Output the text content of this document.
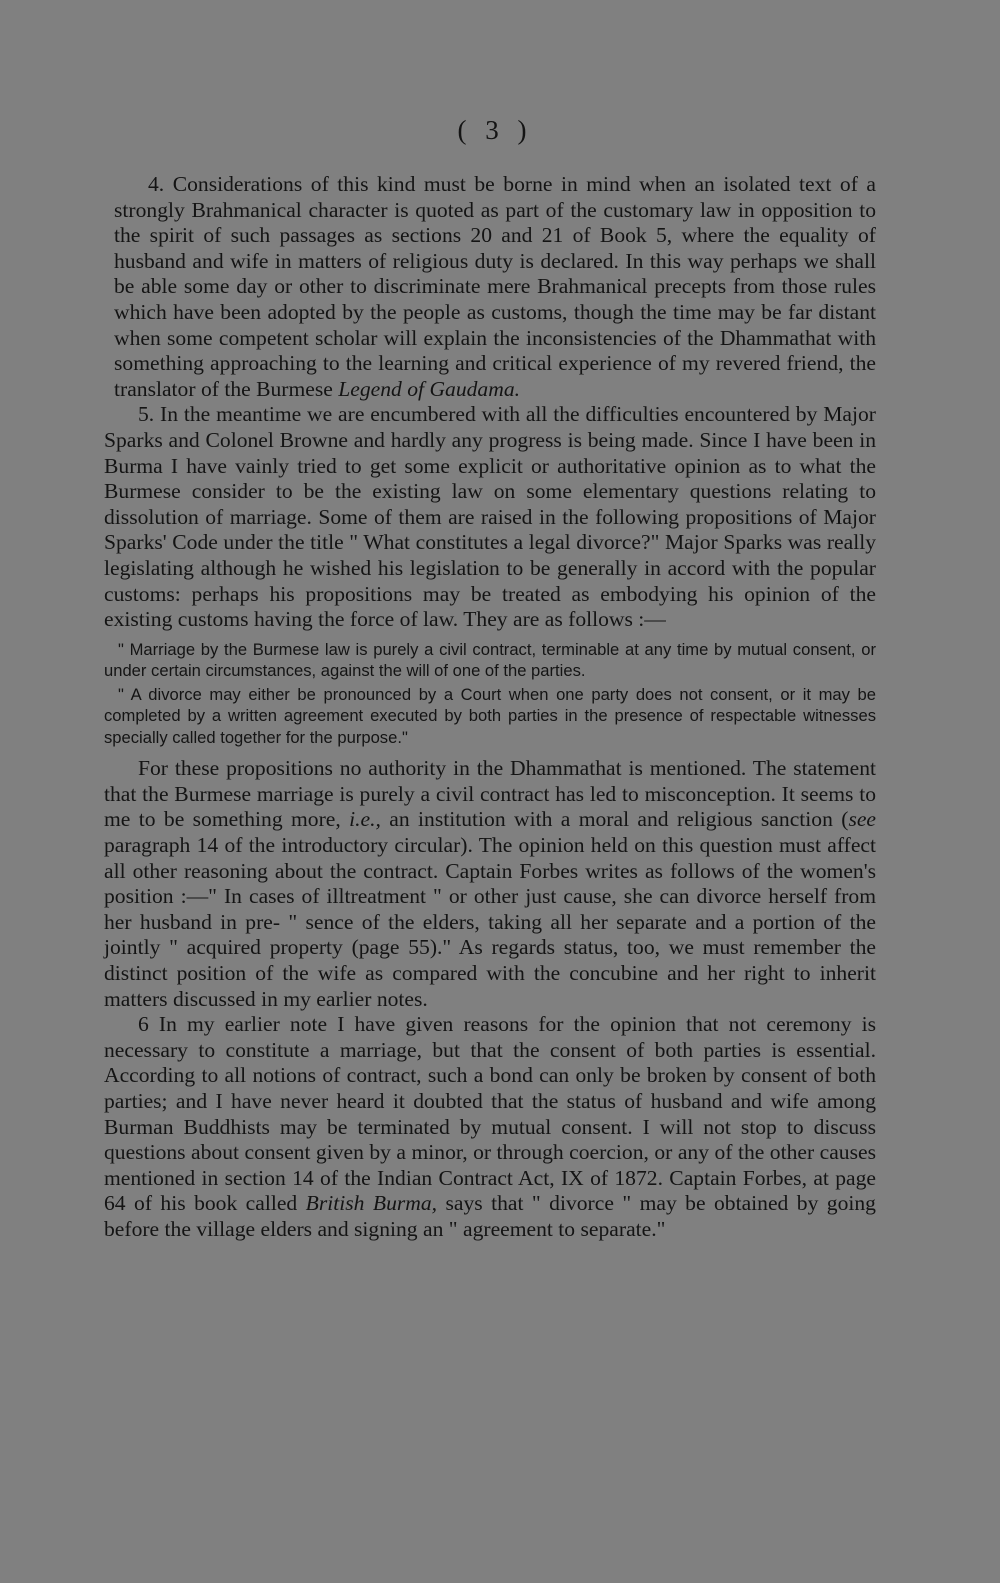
( 3 )

4. Considerations of this kind must be borne in mind when an isolated text of a strongly Brahmanical character is quoted as part of the customary law in opposition to the spirit of such passages as sections 20 and 21 of Book 5, where the equality of husband and wife in matters of religious duty is declared. In this way perhaps we shall be able some day or other to discriminate mere Brahmanical precepts from those rules which have been adopted by the people as customs, though the time may be far distant when some competent scholar will explain the inconsistencies of the Dhammathat with something approaching to the learning and critical experience of my revered friend, the translator of the Burmese Legend of Gaudama.

5. In the meantime we are encumbered with all the difficulties encountered by Major Sparks and Colonel Browne and hardly any progress is being made. Since I have been in Burma I have vainly tried to get some explicit or authoritative opinion as to what the Burmese consider to be the existing law on some elementary questions relating to dissolution of marriage. Some of them are raised in the following propositions of Major Sparks' Code under the title " What constitutes a legal divorce?" Major Sparks was really legislating although he wished his legislation to be generally in accord with the popular customs: perhaps his propositions may be treated as embodying his opinion of the existing customs having the force of law. They are as follows :—

" Marriage by the Burmese law is purely a civil contract, terminable at any time by mutual consent, or under certain circumstances, against the will of one of the parties.

" A divorce may either be pronounced by a Court when one party does not consent, or it may be completed by a written agreement executed by both parties in the presence of respectable witnesses specially called together for the purpose."

For these propositions no authority in the Dhammathat is mentioned. The statement that the Burmese marriage is purely a civil contract has led to misconception. It seems to me to be something more, i.e., an institution with a moral and religious sanction (see paragraph 14 of the introductory circular). The opinion held on this question must affect all other reasoning about the contract. Captain Forbes writes as follows of the women's position :—" In cases of illtreatment " or other just cause, she can divorce herself from her husband in pre- " sence of the elders, taking all her separate and a portion of the jointly " acquired property (page 55)." As regards status, too, we must remember the distinct position of the wife as compared with the concubine and her right to inherit matters discussed in my earlier notes.

6 In my earlier note I have given reasons for the opinion that not ceremony is necessary to constitute a marriage, but that the consent of both parties is essential. According to all notions of contract, such a bond can only be broken by consent of both parties; and I have never heard it doubted that the status of husband and wife among Burman Buddhists may be terminated by mutual consent. I will not stop to discuss questions about consent given by a minor, or through coercion, or any of the other causes mentioned in section 14 of the Indian Contract Act, IX of 1872. Captain Forbes, at page 64 of his book called British Burma, says that " divorce " may be obtained by going before the village elders and signing an " agreement to separate."
